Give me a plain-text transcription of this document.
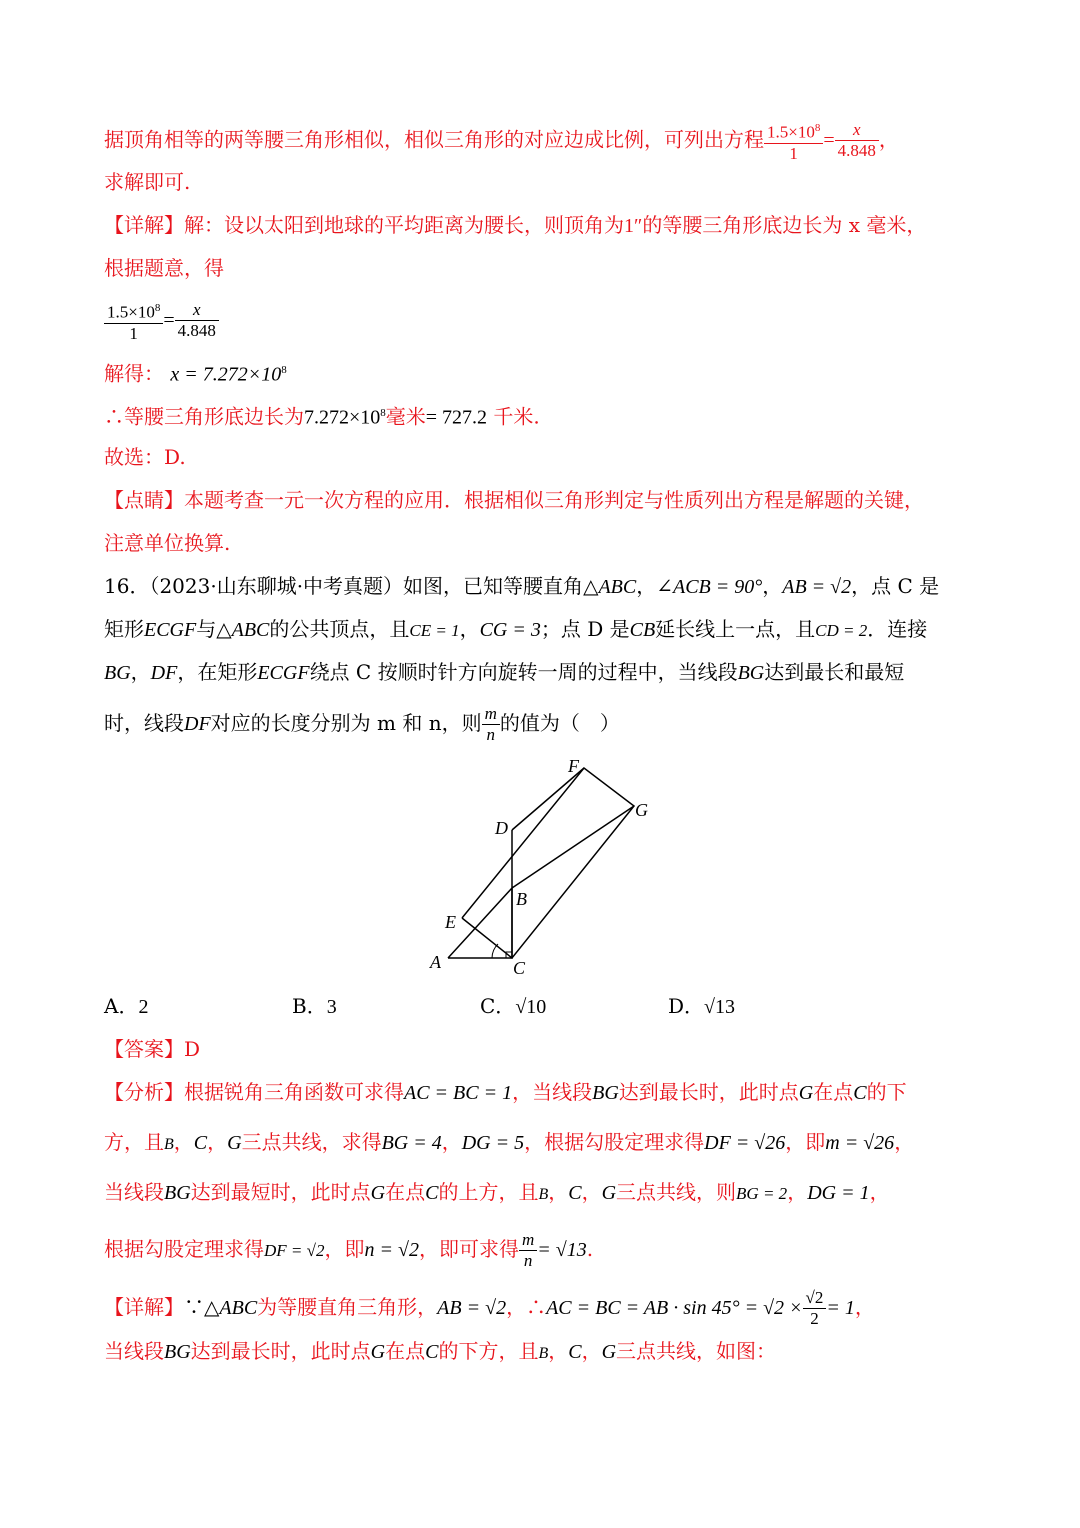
据顶角相等的两等腰三角形相似，相似三角形的对应边成比例，可列出方程 $\frac{1.5\times 10^8}{1} = \frac{x}{4.848}$ ，
求解即可.
【详解】解：设以太阳到地球的平均距离为腰长，则顶角为1″的等腰三角形底边长为 x 毫米，
根据题意，得
$\frac{1.5\times 10^8}{1} = \frac{x}{4.848}$
解得： $x = 7.272\times 10^8$
∴等腰三角形底边长为$7.272\times 10^8$毫米= 727.2 千米.
故选：D.
【点睛】本题考查一元一次方程的应用．根据相似三角形判定与性质列出方程是解题的关键，
注意单位换算.
16．（2023·山东聊城·中考真题）如图，已知等腰直角△ABC，∠ACB = 90°，AB = √2，点 C 是
矩形ECGF与△ABC的公共顶点，且CE = 1，CG = 3；点 D 是CB延长线上一点，且CD = 2．连接
BG，DF，在矩形ECGF绕点 C 按顺时针方向旋转一周的过程中，当线段BG达到最长和最短
时，线段DF对应的长度分别为 m 和 n，则 $\frac{m}{n}$ 的值为（　）
F
G
D
B
E
A	C
A．2	B．3	C．√10	D．√13
【答案】D
【分析】根据锐角三角函数可求得AC = BC = 1，当线段BG达到最长时，此时点G在点C的下
方，且B，C，G三点共线，求得BG = 4，DG = 5，根据勾股定理求得DF = √26，即m = √26，
当线段BG达到最短时，此时点G在点C的上方，且B，C，G三点共线，则BG = 2，DG = 1，
根据勾股定理求得DF = √2，即n = √2，即可求得 $\frac{m}{n} = √13$.
【详解】∵△ABC为等腰直角三角形，AB = √2，∴AC = BC = AB · $\sin 45^\circ = √2 \times \frac{√2}{2} = 1$，
当线段BG达到最长时，此时点G在点C的下方，且B，C，G三点共线，如图：
